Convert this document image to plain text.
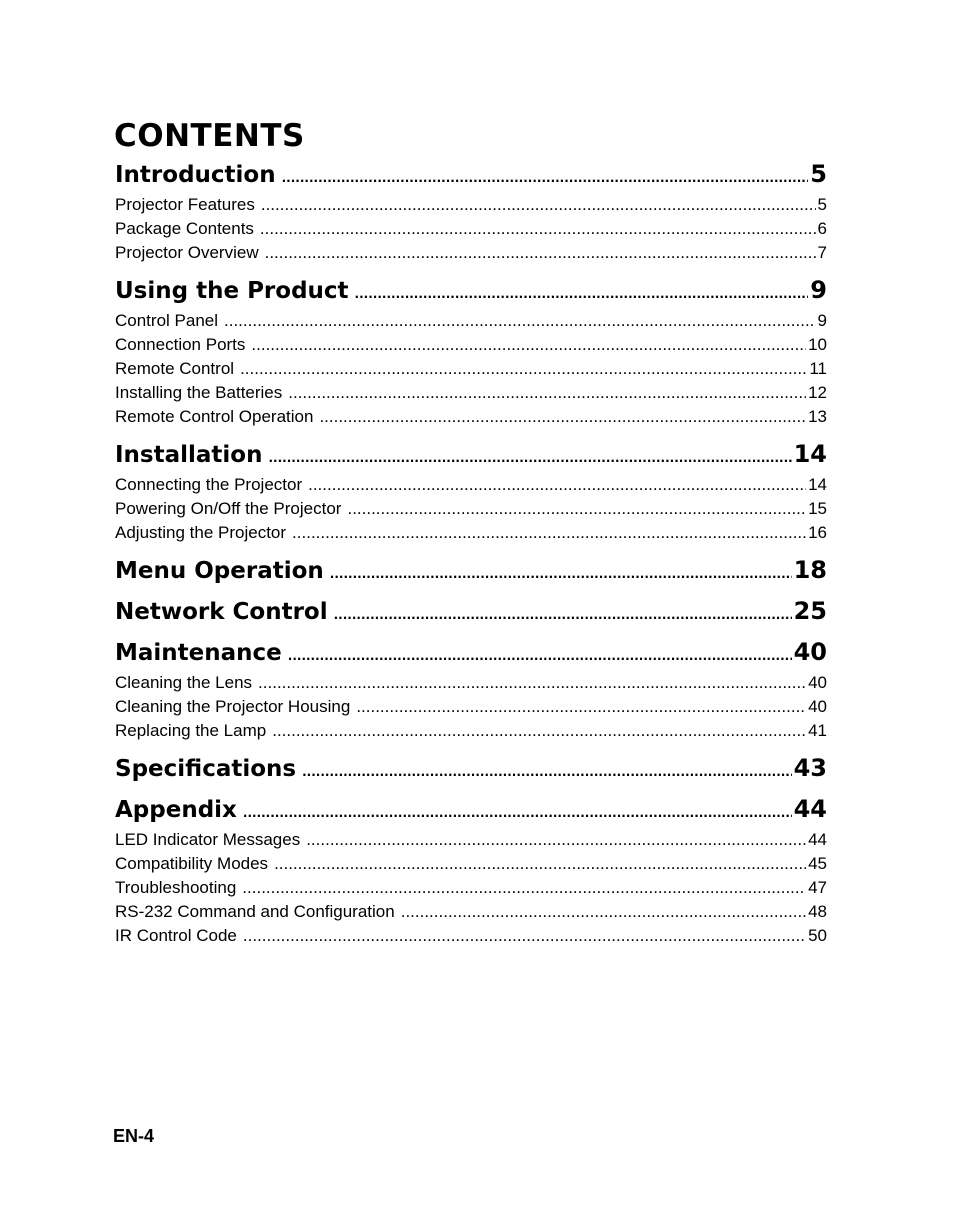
CONTENTS
Introduction .....	5
Projector Features .....	5
Package Contents .....	6
Projector Overview .....	7
Using the Product .....	9
Control Panel .....	9
Connection Ports .....	10
Remote Control .....	11
Installing the Batteries .....	12
Remote Control Operation .....	13
Installation .....	14
Connecting the Projector .....	14
Powering On/Off the Projector .....	15
Adjusting the Projector .....	16
Menu Operation .....	18
Network Control .....	25
Maintenance .....	40
Cleaning the Lens .....	40
Cleaning the Projector Housing .....	40
Replacing the Lamp .....	41
Specifications .....	43
Appendix .....	44
LED Indicator Messages .....	44
Compatibility Modes .....	45
Troubleshooting .....	47
RS-232 Command and Configuration .....	48
IR Control Code .....	50
EN-4
